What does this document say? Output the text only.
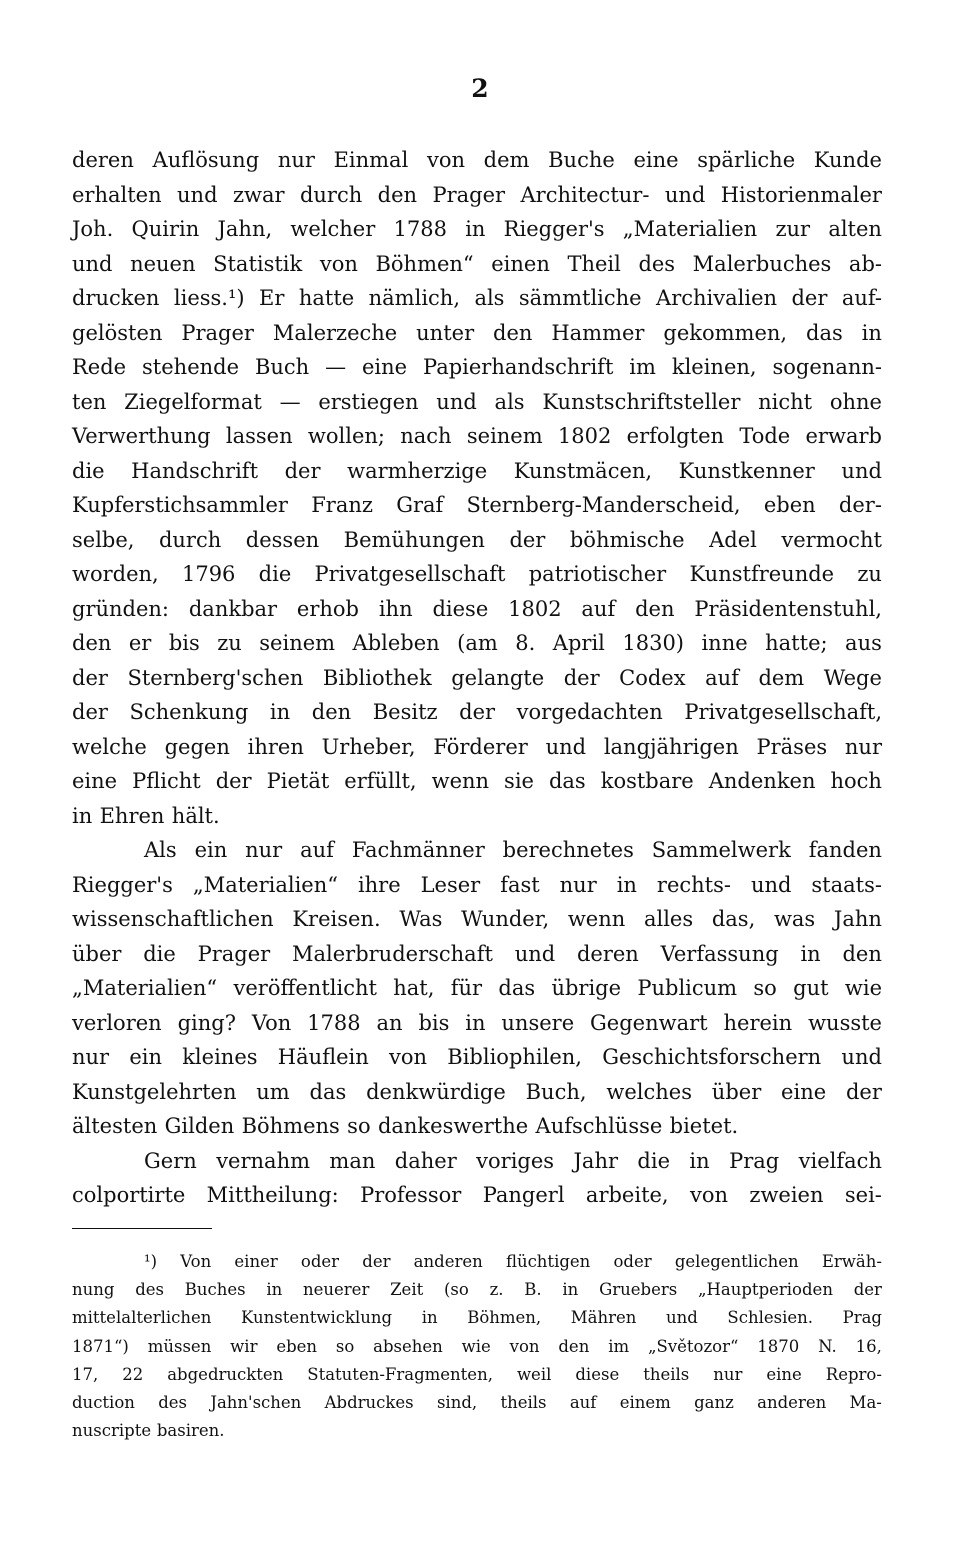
2
deren Auflösung nur Einmal von dem Buche eine spärliche Kunde
erhalten und zwar durch den Prager Architectur- und Historienmaler
Joh. Quirin Jahn, welcher 1788 in Riegger's „Materialien zur alten
und neuen Statistik von Böhmen“ einen Theil des Malerbuches ab-
drucken liess.¹) Er hatte nämlich, als sämmtliche Archivalien der auf-
gelösten Prager Malerzeche unter den Hammer gekommen, das in
Rede stehende Buch — eine Papierhandschrift im kleinen, sogenann-
ten Ziegelformat — erstiegen und als Kunstschriftsteller nicht ohne
Verwerthung lassen wollen; nach seinem 1802 erfolgten Tode erwarb
die Handschrift der warmherzige Kunstmäcen, Kunstkenner und
Kupferstichsammler Franz Graf Sternberg-Manderscheid, eben der-
selbe, durch dessen Bemühungen der böhmische Adel vermocht
worden, 1796 die Privatgesellschaft patriotischer Kunstfreunde zu
gründen: dankbar erhob ihn diese 1802 auf den Präsidentenstuhl,
den er bis zu seinem Ableben (am 8. April 1830) inne hatte; aus
der Sternberg'schen Bibliothek gelangte der Codex auf dem Wege
der Schenkung in den Besitz der vorgedachten Privatgesellschaft,
welche gegen ihren Urheber, Förderer und langjährigen Präses nur
eine Pflicht der Pietät erfüllt, wenn sie das kostbare Andenken hoch
in Ehren hält.
Als ein nur auf Fachmänner berechnetes Sammelwerk fanden
Riegger's „Materialien“ ihre Leser fast nur in rechts- und staats-
wissenschaftlichen Kreisen. Was Wunder, wenn alles das, was Jahn
über die Prager Malerbruderschaft und deren Verfassung in den
„Materialien“ veröffentlicht hat, für das übrige Publicum so gut wie
verloren ging? Von 1788 an bis in unsere Gegenwart herein wusste
nur ein kleines Häuflein von Bibliophilen, Geschichtsforschern und
Kunstgelehrten um das denkwürdige Buch, welches über eine der
ältesten Gilden Böhmens so dankeswerthe Aufschlüsse bietet.
Gern vernahm man daher voriges Jahr die in Prag vielfach
colportirte Mittheilung: Professor Pangerl arbeite, von zweien sei-
¹) Von einer oder der anderen flüchtigen oder gelegentlichen Erwäh-
nung des Buches in neuerer Zeit (so z. B. in Gruebers „Hauptperioden der
mittelalterlichen Kunstentwicklung in Böhmen, Mähren und Schlesien. Prag
1871“) müssen wir eben so absehen wie von den im „Světozor“ 1870 N. 16,
17, 22 abgedruckten Statuten-Fragmenten, weil diese theils nur eine Repro-
duction des Jahn'schen Abdruckes sind, theils auf einem ganz anderen Ma-
nuscripte basiren.
